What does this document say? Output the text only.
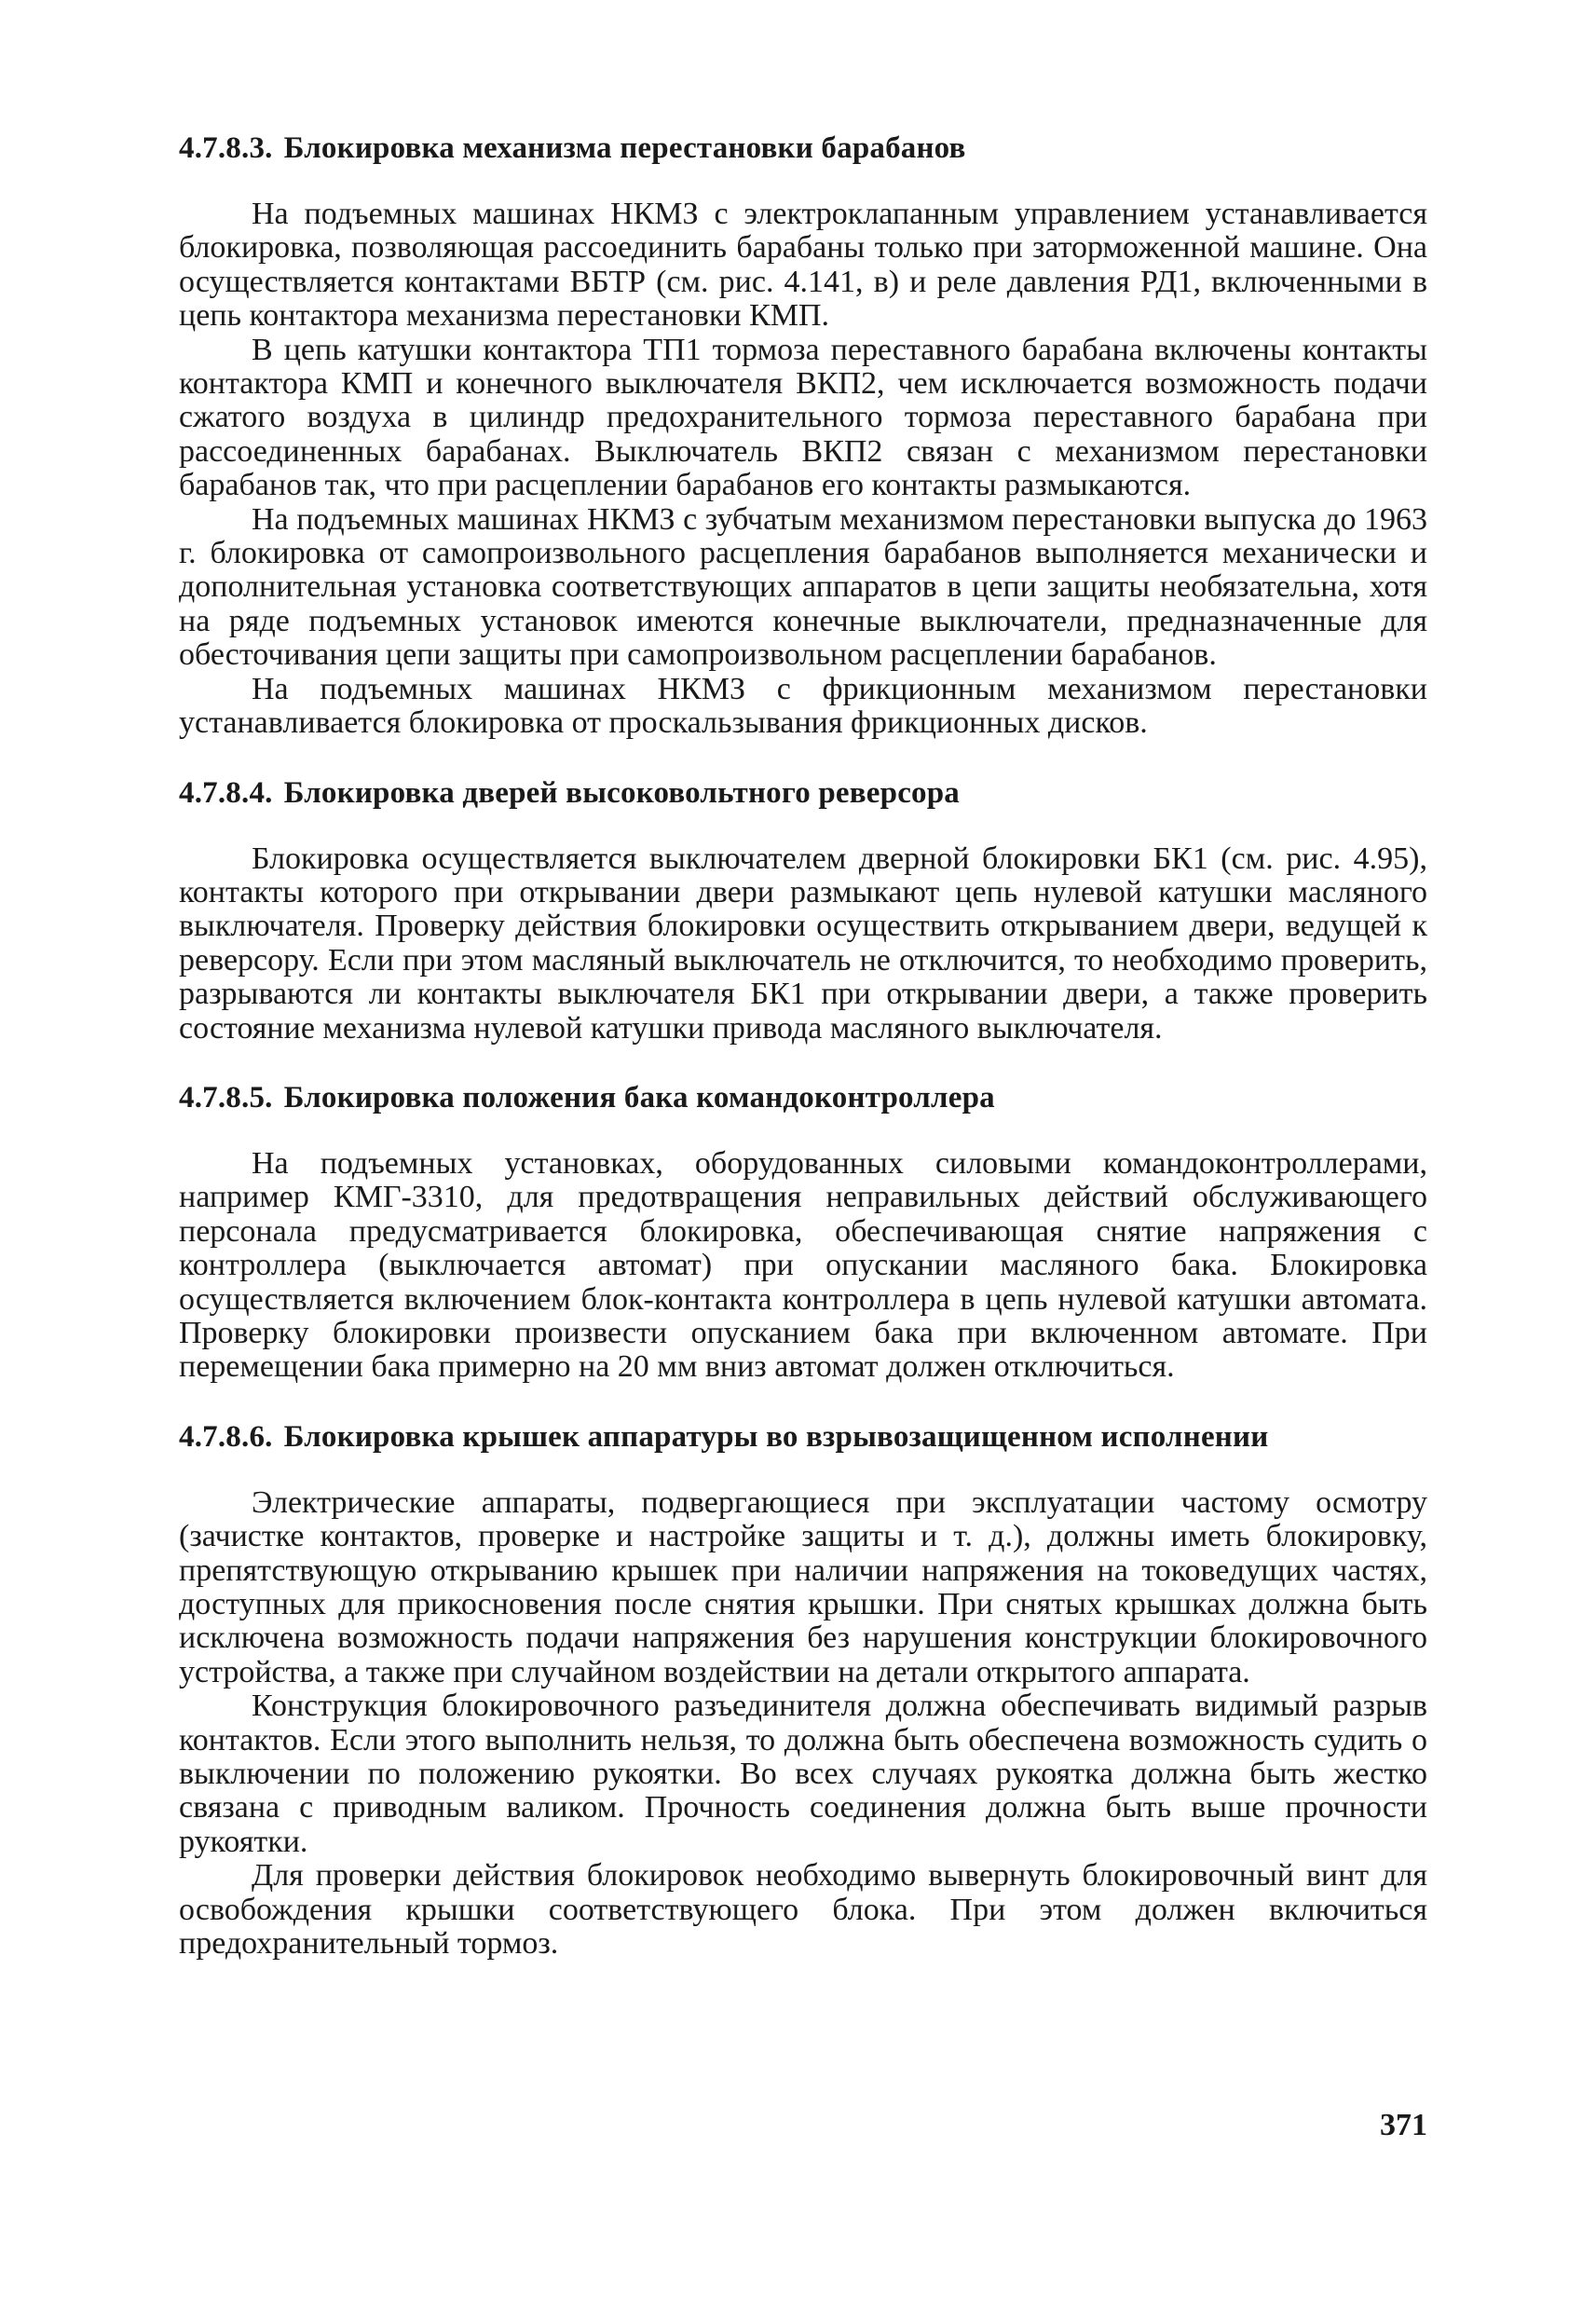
4.7.8.3. Блокировка механизма перестановки барабанов

На подъемных машинах НКМЗ с электроклапанным управлением устанавливается блокировка, позволяющая рассоединить барабаны только при заторможенной машине. Она осуществляется контактами ВБТР (см. рис. 4.141, в) и реле давления РД1, включенными в цепь контактора механизма перестановки КМП.

В цепь катушки контактора ТП1 тормоза переставного барабана включены контакты контактора КМП и конечного выключателя ВКП2, чем исключается возможность подачи сжатого воздуха в цилиндр предохранительного тормоза переставного барабана при рассоединенных барабанах. Выключатель ВКП2 связан с механизмом перестановки барабанов так, что при расцеплении барабанов его контакты размыкаются.

На подъемных машинах НКМЗ с зубчатым механизмом перестановки выпуска до 1963 г. блокировка от самопроизвольного расцепления барабанов выполняется механически и дополнительная установка соответствующих аппаратов в цепи защиты необязательна, хотя на ряде подъемных установок имеются конечные выключатели, предназначенные для обесточивания цепи защиты при самопроизвольном расцеплении барабанов.

На подъемных машинах НКМЗ с фрикционным механизмом перестановки устанавливается блокировка от проскальзывания фрикционных дисков.

4.7.8.4. Блокировка дверей высоковольтного реверсора

Блокировка осуществляется выключателем дверной блокировки БК1 (см. рис. 4.95), контакты которого при открывании двери размыкают цепь нулевой катушки масляного выключателя. Проверку действия блокировки осуществить открыванием двери, ведущей к реверсору. Если при этом масляный выключатель не отключится, то необходимо проверить, разрываются ли контакты выключателя БК1 при открывании двери, а также проверить состояние механизма нулевой катушки привода масляного выключателя.

4.7.8.5. Блокировка положения бака командоконтроллера

На подъемных установках, оборудованных силовыми командоконтроллерами, например КМГ-3310, для предотвращения неправильных действий обслуживающего персонала предусматривается блокировка, обеспечивающая снятие напряжения с контроллера (выключается автомат) при опускании масляного бака. Блокировка осуществляется включением блок-контакта контроллера в цепь нулевой катушки автомата. Проверку блокировки произвести опусканием бака при включенном автомате. При перемещении бака примерно на 20 мм вниз автомат должен отключиться.

4.7.8.6. Блокировка крышек аппаратуры во взрывозащищенном исполнении

Электрические аппараты, подвергающиеся при эксплуатации частому осмотру (зачистке контактов, проверке и настройке защиты и т. д.), должны иметь блокировку, препятствующую открыванию крышек при наличии напряжения на токоведущих частях, доступных для прикосновения после снятия крышки. При снятых крышках должна быть исключена возможность подачи напряжения без нарушения конструкции блокировочного устройства, а также при случайном воздействии на детали открытого аппарата.

Конструкция блокировочного разъединителя должна обеспечивать видимый разрыв контактов. Если этого выполнить нельзя, то должна быть обеспечена возможность судить о выключении по положению рукоятки. Во всех случаях рукоятка должна быть жестко связана с приводным валиком. Прочность соединения должна быть выше прочности рукоятки.

Для проверки действия блокировок необходимо вывернуть блокировочный винт для освобождения крышки соответствующего блока. При этом должен включиться предохранительный тормоз.

371
